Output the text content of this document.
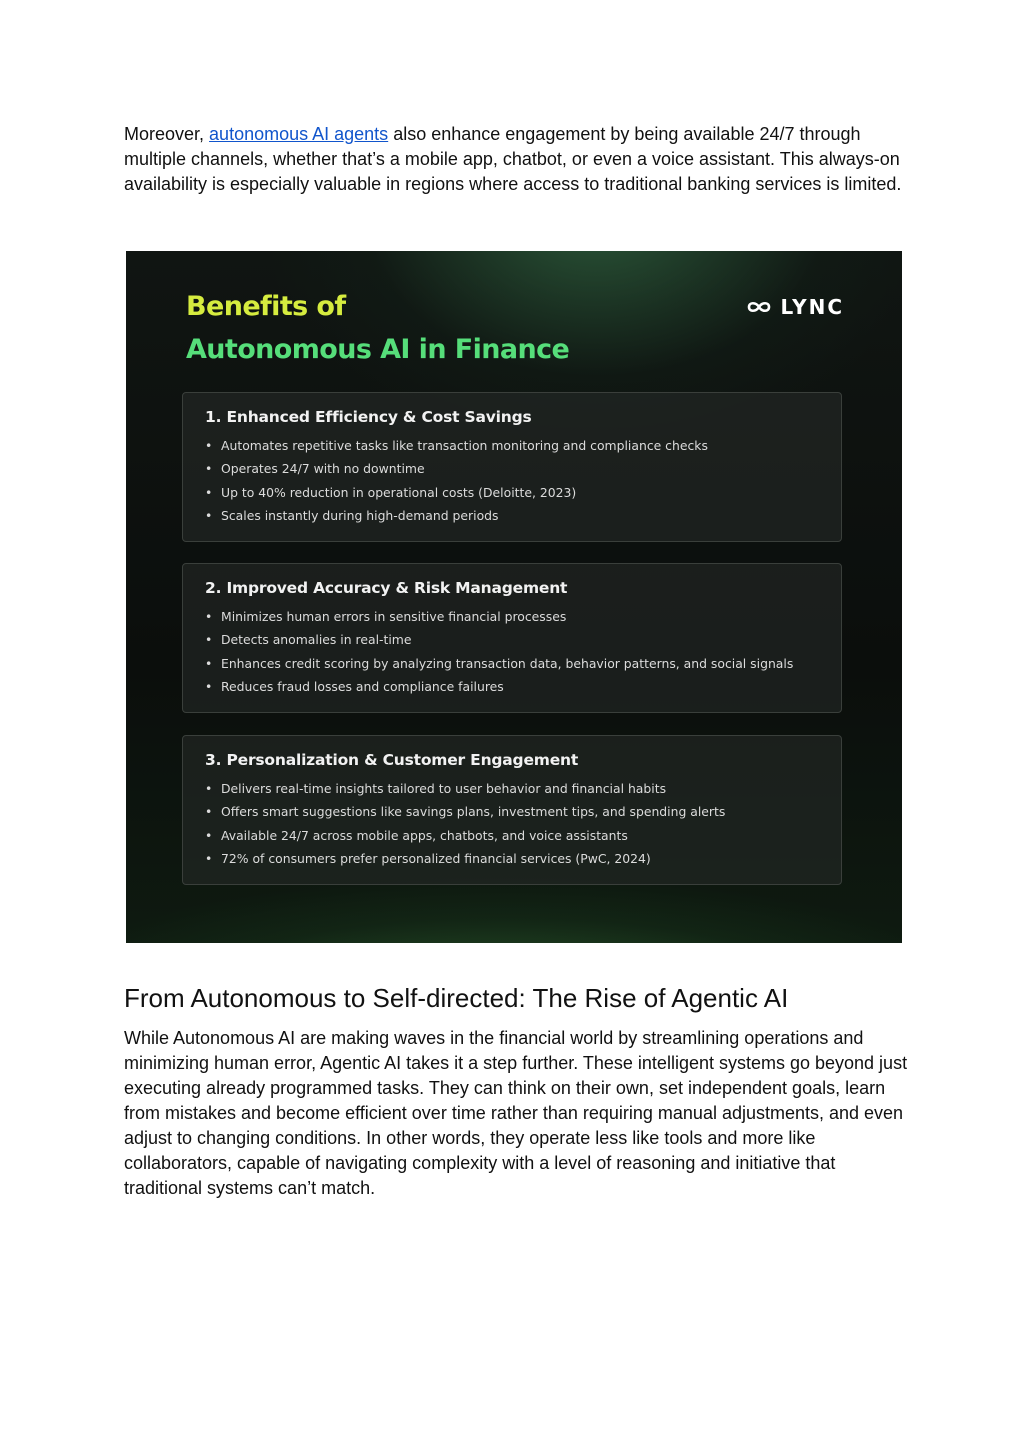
Moreover, autonomous AI agents also enhance engagement by being available 24/7 through multiple channels, whether that’s a mobile app, chatbot, or even a voice assistant. This always-on availability is especially valuable in regions where access to traditional banking services is limited.

Benefits of
Autonomous AI in Finance
LYNC
1. Enhanced Efficiency & Cost Savings
• Automates repetitive tasks like transaction monitoring and compliance checks
• Operates 24/7 with no downtime
• Up to 40% reduction in operational costs (Deloitte, 2023)
• Scales instantly during high-demand periods
2. Improved Accuracy & Risk Management
• Minimizes human errors in sensitive financial processes
• Detects anomalies in real-time
• Enhances credit scoring by analyzing transaction data, behavior patterns, and social signals
• Reduces fraud losses and compliance failures
3. Personalization & Customer Engagement
• Delivers real-time insights tailored to user behavior and financial habits
• Offers smart suggestions like savings plans, investment tips, and spending alerts
• Available 24/7 across mobile apps, chatbots, and voice assistants
• 72% of consumers prefer personalized financial services (PwC, 2024)
From Autonomous to Self-directed: The Rise of Agentic AI

While Autonomous AI are making waves in the financial world by streamlining operations and minimizing human error, Agentic AI takes it a step further. These intelligent systems go beyond just executing already programmed tasks. They can think on their own, set independent goals, learn from mistakes and become efficient over time rather than requiring manual adjustments, and even adjust to changing conditions. In other words, they operate less like tools and more like collaborators, capable of navigating complexity with a level of reasoning and initiative that traditional systems can’t match.
